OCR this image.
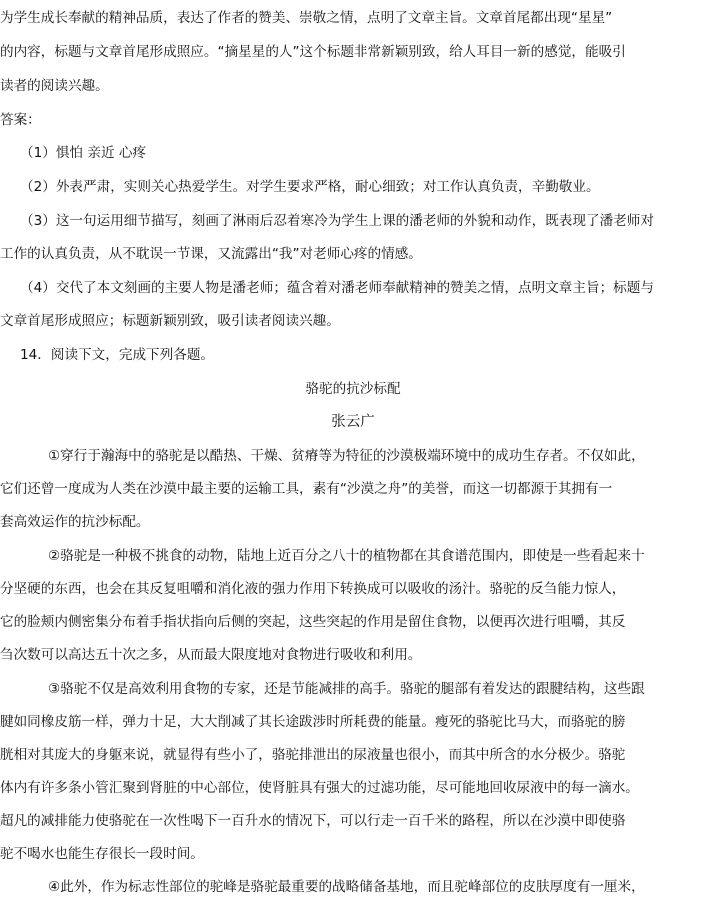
为学生成长奉献的精神品质，表达了作者的赞美、崇敬之情，点明了文章主旨。文章首尾都出现“星星”

的内容，标题与文章首尾形成照应。“摘星星的人”这个标题非常新颖别致，给人耳目一新的感觉，能吸引

读者的阅读兴趣。

答案：

（1）惧怕 亲近 心疼

（2）外表严肃，实则关心热爱学生。对学生要求严格，耐心细致；对工作认真负责，辛勤敬业。

（3）这一句运用细节描写，刻画了淋雨后忍着寒冷为学生上课的潘老师的外貌和动作，既表现了潘老师对

工作的认真负责，从不耽误一节课，又流露出“我”对老师心疼的情感。

（4）交代了本文刻画的主要人物是潘老师；蕴含着对潘老师奉献精神的赞美之情，点明文章主旨；标题与

文章首尾形成照应；标题新颖别致，吸引读者阅读兴趣。

14．阅读下文，完成下列各题。

骆驼的抗沙标配

张云广

①穿行于瀚海中的骆驼是以酷热、干燥、贫瘠等为特征的沙漠极端环境中的成功生存者。不仅如此，

它们还曾一度成为人类在沙漠中最主要的运输工具，素有“沙漠之舟”的美誉，而这一切都源于其拥有一

套高效运作的抗沙标配。

②骆驼是一种极不挑食的动物，陆地上近百分之八十的植物都在其食谱范围内，即使是一些看起来十

分坚硬的东西，也会在其反复咀嚼和消化液的强力作用下转换成可以吸收的汤汁。骆驼的反刍能力惊人，

它的脸颊内侧密集分布着手指状指向后侧的突起，这些突起的作用是留住食物，以便再次进行咀嚼，其反

刍次数可以高达五十次之多，从而最大限度地对食物进行吸收和利用。

③骆驼不仅是高效利用食物的专家，还是节能减排的高手。骆驼的腿部有着发达的跟腱结构，这些跟

腱如同橡皮筋一样，弹力十足，大大削减了其长途跋涉时所耗费的能量。瘦死的骆驼比马大，而骆驼的膀

胱相对其庞大的身躯来说，就显得有些小了，骆驼排泄出的尿液量也很小，而其中所含的水分极少。骆驼

体内有许多条小管汇聚到肾脏的中心部位，使肾脏具有强大的过滤功能，尽可能地回收尿液中的每一滴水。

超凡的减排能力使骆驼在一次性喝下一百升水的情况下，可以行走一百千米的路程，所以在沙漠中即使骆

驼不喝水也能生存很长一段时间。

④此外，作为标志性部位的驼峰是骆驼最重要的战略储备基地，而且驼峰部位的皮肤厚度有一厘米，
